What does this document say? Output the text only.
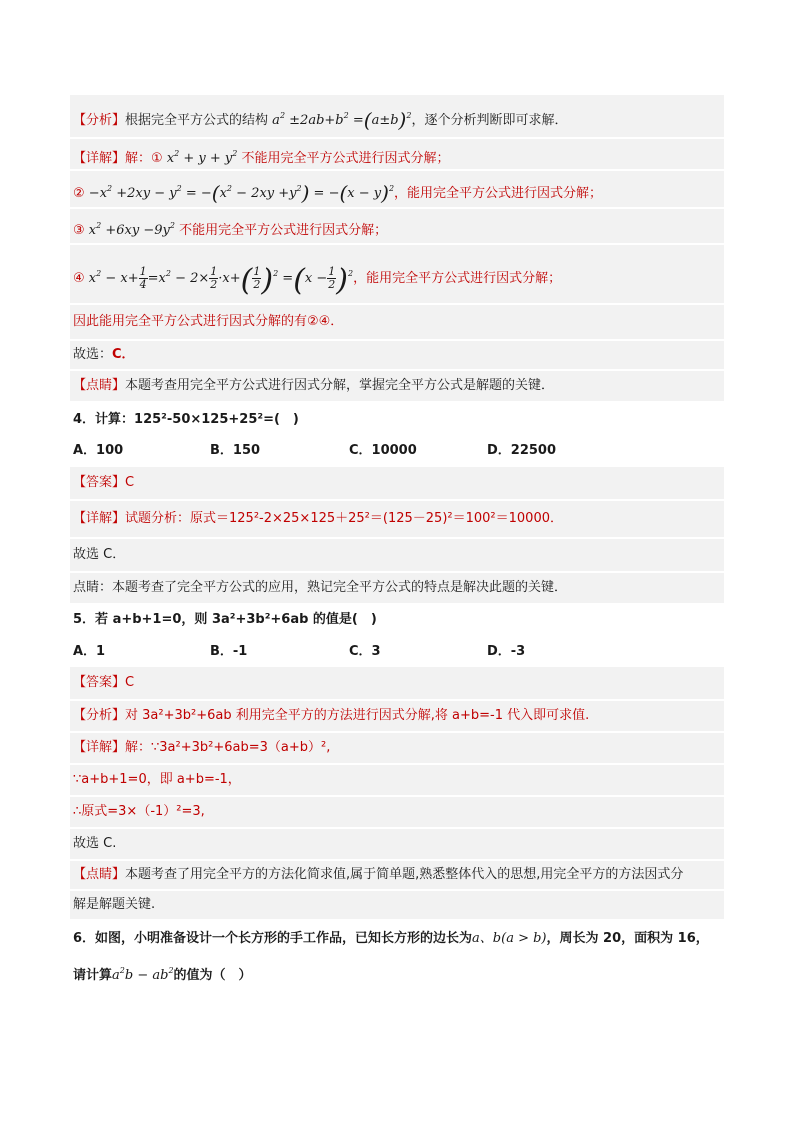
【分析】根据完全平方公式的结构 $a^2 \pm 2ab+b^2 =(a\pm b)^2$，逐个分析判断即可求解．
【详解】解：① $x^2 + y + y^2$ 不能用完全平方公式进行因式分解；
② $-x^2 +2xy - y^2 = -(x^2 - 2xy +y^2) = -(x - y)^2$，能用完全平方公式进行因式分解；
③ $x^2 +6xy -9y^2$ 不能用完全平方公式进行因式分解；
④ $x^2 - x+ \frac{1}{4} =x^2 - 2\times \frac{1}{2} \cdot x+( \frac{1}{2} )^2 =(x - \frac{1}{2} )^2$，能用完全平方公式进行因式分解；
因此能用完全平方公式进行因式分解的有②④．
故选：C．
【点睛】本题考查用完全平方公式进行因式分解，掌握完全平方公式是解题的关键．
4．计算：125²-50×125+25²=(　)
A．100	B．150	C．10000	D．22500
【答案】C
【详解】试题分析：原式＝125²-2×25×125＋25²＝(125－25)²＝100²＝10000．
故选 C．
点睛：本题考查了完全平方公式的应用，熟记完全平方公式的特点是解决此题的关键．
5．若 a+b+1=0，则 3a²+3b²+6ab 的值是(　)
A．1	B．-1	C．3	D．-3
【答案】C
【分析】对 3a²+3b²+6ab 利用完全平方的方法进行因式分解,将 a+b=-1 代入即可求值.
【详解】解：∵3a²+3b²+6ab=3（a+b）²,
∵a+b+1=0，即 a+b=-1，
∴原式=3×（-1）²=3,
故选 C.
【点睛】本题考查了用完全平方的方法化简求值,属于简单题,熟悉整体代入的思想,用完全平方的方法因式分
解是解题关键.
6．如图，小明准备设计一个长方形的手工作品，已知长方形的边长为a、b(a > b)，周长为 20，面积为 16，
请计算$a^2b - ab^2$的值为（　）
